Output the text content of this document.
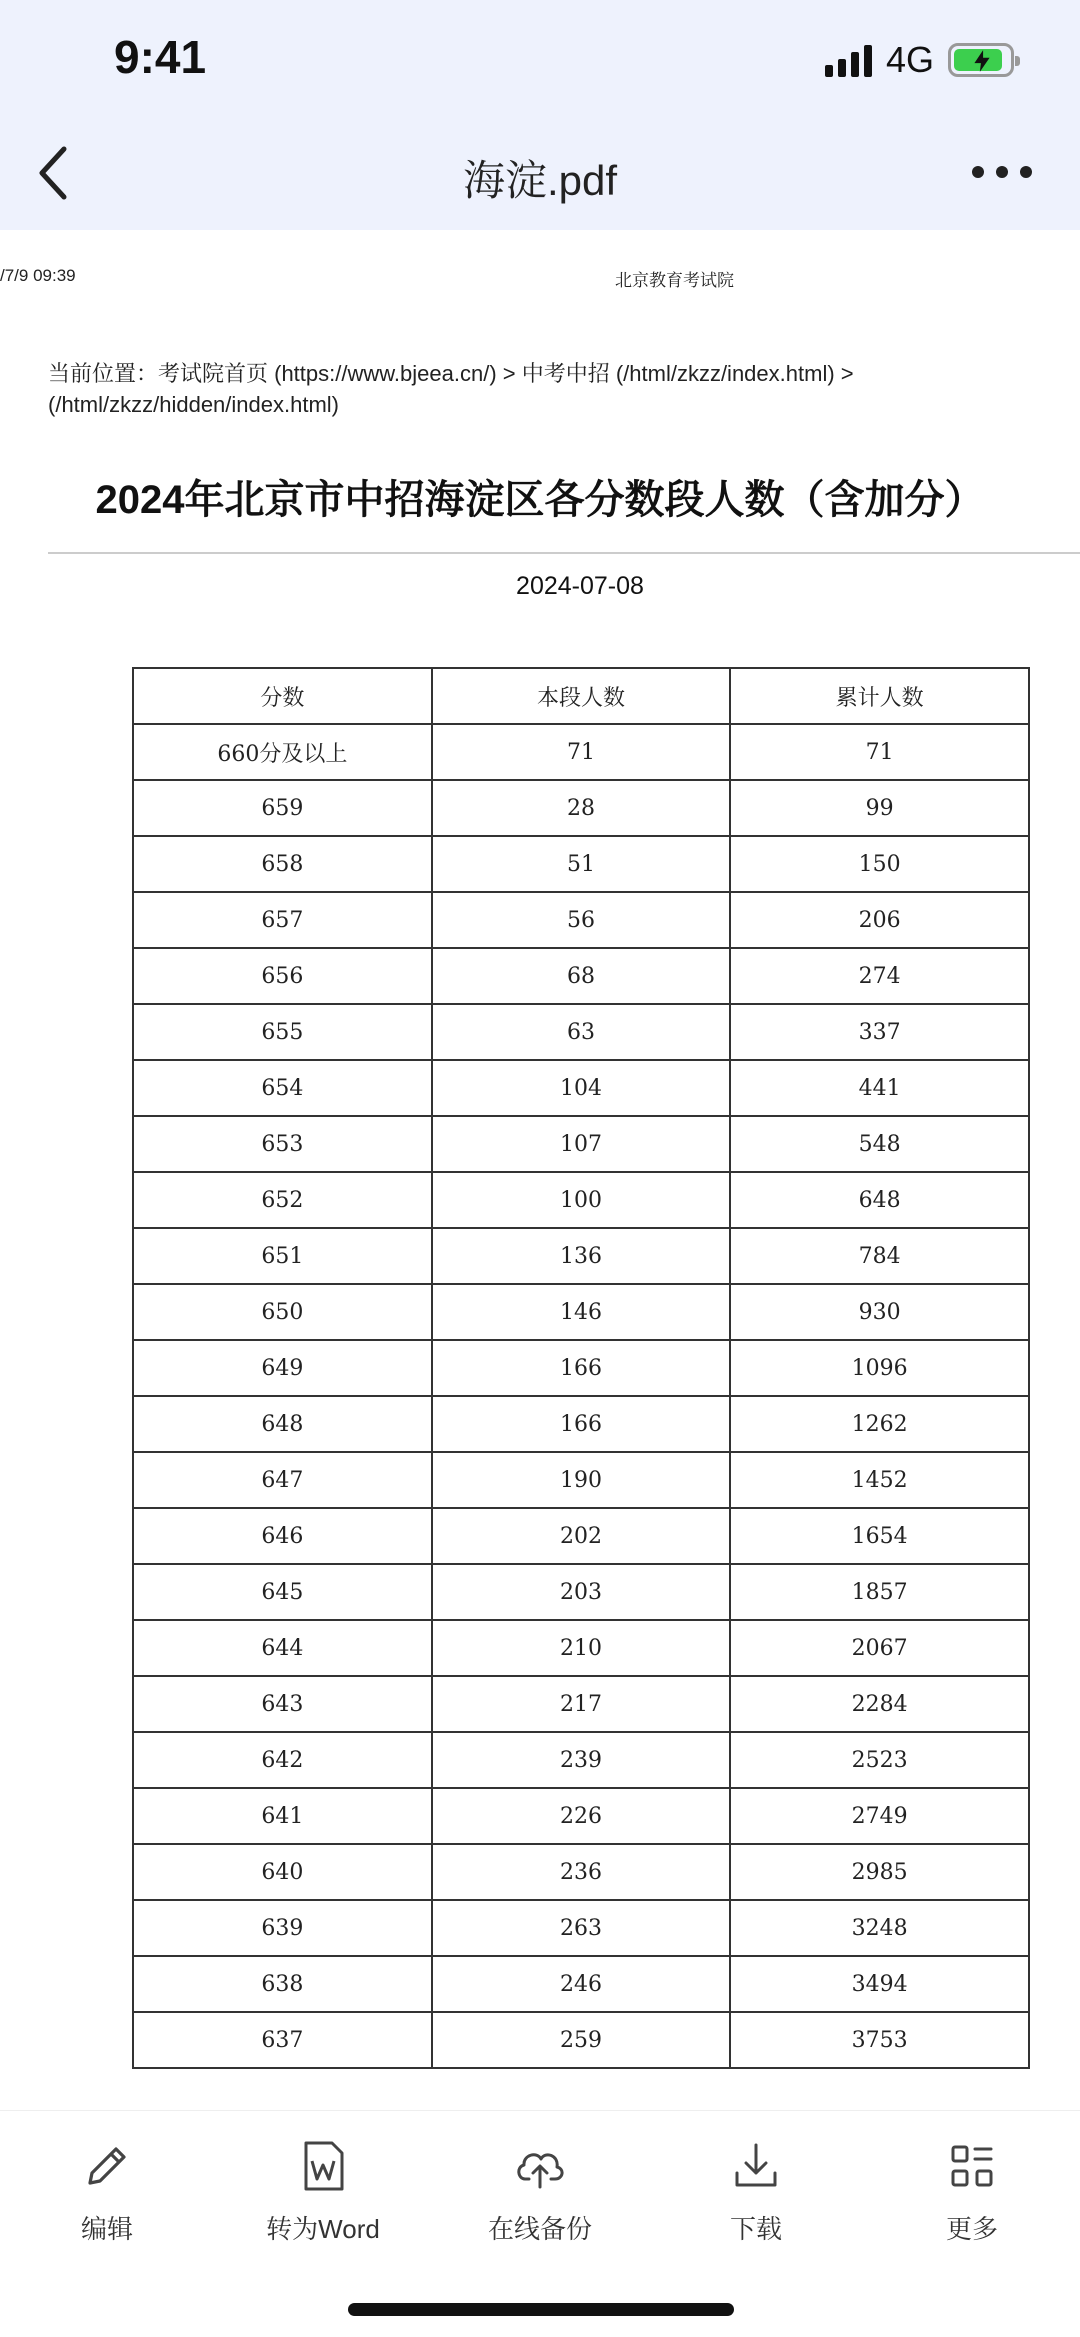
9:41	4G
海淀.pdf
/7/9 09:39	北京教育考试院
当前位置：考试院首页 (https://www.bjeea.cn/) > 中考中招 (/html/zkzz/index.html) >
(/html/zkzz/hidden/index.html)
2024年北京市中招海淀区各分数段人数（含加分）
2024-07-08
分数	本段人数	累计人数
660分及以上	71	71
659	28	99
658	51	150
657	56	206
656	68	274
655	63	337
654	104	441
653	107	548
652	100	648
651	136	784
650	146	930
649	166	1096
648	166	1262
647	190	1452
646	202	1654
645	203	1857
644	210	2067
643	217	2284
642	239	2523
641	226	2749
640	236	2985
639	263	3248
638	246	3494
637	259	3753
编辑	转为Word	在线备份	下载	更多
